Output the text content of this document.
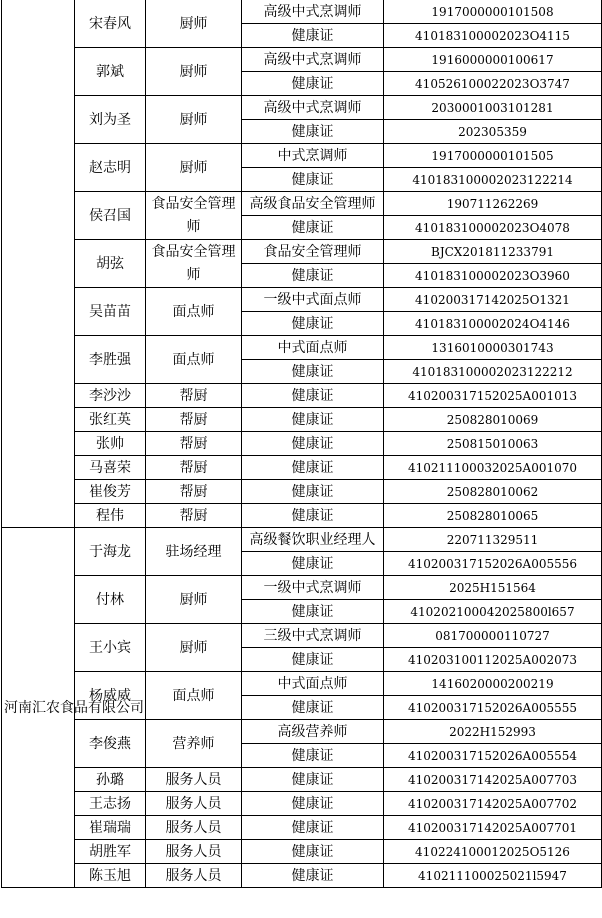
	宋春风	厨师	高级中式烹调师	1917000000101508
			健康证	410183100002023O4115
	郭斌	厨师	高级中式烹调师	1916000000100617
			健康证	410526100022023O3747
	刘为圣	厨师	高级中式烹调师	2030001003101281
			健康证	202305359
	赵志明	厨师	中式烹调师	1917000000101505
			健康证	410183100002023122214
	侯召国	食品安全管理师	高级食品安全管理师	190711262269
			健康证	410183100002023O4078
	胡弦	食品安全管理师	食品安全管理师	BJCX201811233791
			健康证	410183100002023O3960
	吴苗苗	面点师	一级中式面点师	410200317142025O1321
			健康证	410183100002024O4146
	李胜强	面点师	中式面点师	1316010000301743
			健康证	410183100002023122212
	李沙沙	帮厨	健康证	410200317152025A001013
	张红英	帮厨	健康证	250828010069
	张帅	帮厨	健康证	250815010063
	马喜荣	帮厨	健康证	410211100032025A001070
	崔俊芳	帮厨	健康证	250828010062
	程伟	帮厨	健康证	250828010065
河南汇农食品有限公司	于海龙	驻场经理	高级餐饮职业经理人	220711329511
			健康证	410200317152026A005556
	付林	厨师	一级中式烹调师	2025H151564
			健康证	410202100042025800l657
	王小宾	厨师	三级中式烹调师	081700000110727
			健康证	410203100112025A002073
	杨威威	面点师	中式面点师	1416020000200219
			健康证	410200317152026A005555
	李俊燕	营养师	高级营养师	2022H152993
			健康证	410200317152026A005554
	孙璐	服务人员	健康证	410200317142025A007703
	王志扬	服务人员	健康证	410200317142025A007702
	崔瑞瑞	服务人员	健康证	410200317142025A007701
	胡胜军	服务人员	健康证	410224100012025O5126
	陈玉旭	服务人员	健康证	410211100025021l5947
